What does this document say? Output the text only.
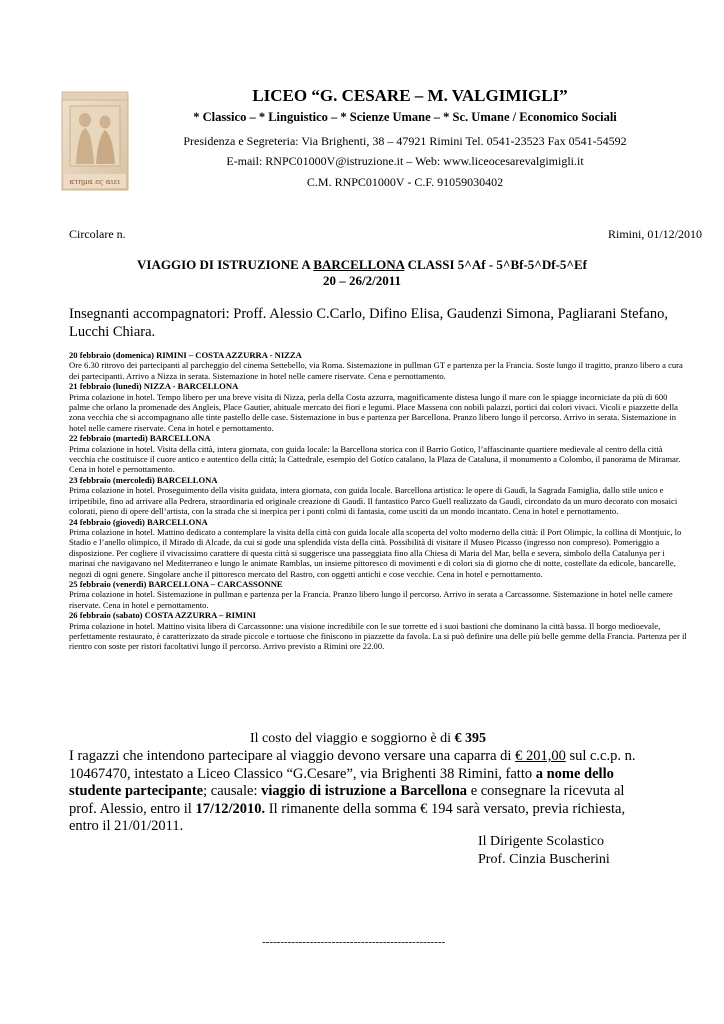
κτημα ες αιει
LICEO “G. CESARE – M. VALGIMIGLI”
* Classico – * Linguistico – * Scienze Umane – * Sc. Umane / Economico Sociali
Presidenza e Segreteria: Via Brighenti, 38 – 47921 Rimini Tel. 0541-23523 Fax 0541-54592
E-mail: RNPC01000V@istruzione.it – Web: www.liceocesarevalgimigli.it
C.M. RNPC01000V - C.F. 91059030402
Circolare n.	Rimini, 01/12/2010
VIAGGIO DI ISTRUZIONE A BARCELLONA CLASSI 5^Af - 5^Bf-5^Df-5^Ef
20 – 26/2/2011
Insegnanti accompagnatori: Proff. Alessio C.Carlo, Difino Elisa, Gaudenzi Simona, Pagliarani Stefano, Lucchi Chiara.

20 febbraio (domenica) RIMINI – COSTA AZZURRA - NIZZA

Ore 6.30 ritrovo dei partecipanti al parcheggio del cinema Settebello, via Roma. Sistemazione in pullman GT e partenza per la Francia. Soste lungo il tragitto, pranzo libero a cura dei partecipanti. Arrivo a Nizza in serata. Sistemazione in hotel nelle camere riservate. Cena e pernottamento.

21 febbraio (lunedì) NIZZA - BARCELLONA

Prima colazione in hotel. Tempo libero per una breve visita di Nizza, perla della Costa azzurra, magnificamente distesa lungo il mare con le spiagge incorniciate da più di 600 palme che orlano la promenade des Angleis, Place Gautier, abituale mercato dei fiori e legumi. Place Massena con nobili palazzi, portici dai colori vivaci. Vicoli e piazzette della zona vecchia che si accompagnano alle tinte pastello delle case. Sistemazione in bus e partenza per Barcellona. Pranzo libero lungo il percorso. Arrivo in serata. Sistemazione in hotel nelle camere riservate. Cena in hotel e pernottamento.

22 febbraio (martedì) BARCELLONA

Prima colazione in hotel. Visita della città, intera giornata, con guida locale: la Barcellona storica con il Barrio Gotico, l’affascinante quartiere medievale al centro della città vecchia che costituisce il cuore antico e autentico della città; la Cattedrale, esempio del Gotico catalano, la Plaza de Cataluna, il monumento a Colombo, il panorama de Miramar. Cena in hotel e pernottamento.

23 febbraio (mercoledì) BARCELLONA

Prima colazione in hotel. Proseguimento della visita guidata, intera giornata, con guida locale. Barcellona artistica: le opere di Gaudì, la Sagrada Famiglia, dallo stile unico e irripetibile, fino ad arrivare alla Pedrera, straordinaria ed originale creazione di Gaudì. Il fantastico Parco Guell realizzato da Gaudì, circondato da un muro decorato con mosaici colorati, pieno di opere dell’artista, con la strada che si inerpica per i ponti colmi di fantasia, come usciti da un mondo incantato. Cena in hotel e pernottamento.

24 febbraio (giovedì) BARCELLONA

Prima colazione in hotel. Mattino dedicato a contemplare la visita della città con guida locale alla scoperta del volto moderno della città: il Port Olimpic, la collina di Montjuic, lo Stadio e l’anello olimpico, il Mirado di Alcade, da cui si gode una splendida vista della città. Possibilità di visitare il Museo Picasso (ingresso non compreso). Pomeriggio a disposizione. Per cogliere il vivacissimo carattere di questa città si suggerisce una passeggiata fino alla Chiesa di Maria del Mar, bella e severa, simbolo della Catalunya per i marinai che navigavano nel Mediterraneo e lungo le animate Ramblas, un insieme pittoresco di movimenti e di colori sia di giorno che di notte, costellate da edicole, bancarelle, negozi di ogni genere. Singolare anche il pittoresco mercato del Rastro, con oggetti antichi e cose vecchie. Cena in hotel e pernottamento.

25 febbraio (venerdì) BARCELLONA – CARCASSONNE

Prima colazione in hotel. Sistemazione in pullman e partenza per la Francia. Pranzo libero lungo il percorso. Arrivo in serata a Carcassonne. Sistemazione in hotel nelle camere riservate. Cena in hotel e pernottamento.

26 febbraio (sabato) COSTA AZZURRA – RIMINI

Prima colazione in hotel. Mattino visita libera di Carcassonne: una visione incredibile con le sue torrette ed i suoi bastioni che dominano la città bassa. Il borgo medioevale, perfettamente restaurato, è caratterizzato da strade piccole e tortuose che finiscono in piazzette da favola. La si può definire una delle più belle gemme della Francia. Partenza per il rientro con soste per ristori facoltativi lungo il percorso. Arrivo previsto a Rimini ore 22.00.

Il costo del viaggio e soggiorno è di € 395
I ragazzi che intendono partecipare al viaggio devono versare una caparra di € 201,00 sul c.c.p. n. 10467470, intestato a Liceo Classico “G.Cesare”, via Brighenti 38 Rimini, fatto a nome dello studente partecipante; causale: viaggio di istruzione a Barcellona e consegnare la ricevuta al prof. Alessio, entro il 17/12/2010. Il rimanente della somma € 194 sarà versato, previa richiesta, entro il 21/01/2011.
Il Dirigente Scolastico
Prof. Cinzia Buscherini
--------------------------------------------------
